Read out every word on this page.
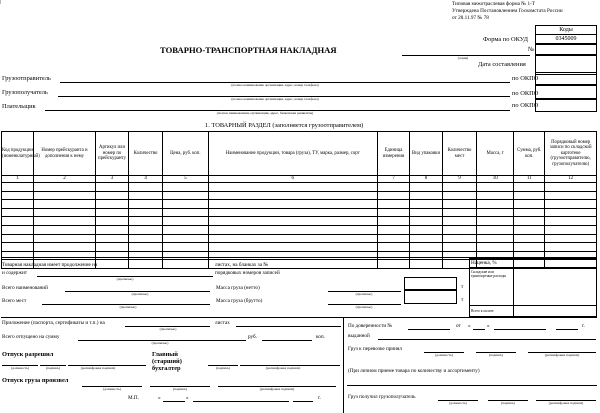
ǀ	Типовая межотраслевая форма № 1-Т
Утверждена Постановлением Госкомстата России
от 28.11.97 № 78
Коды
Форма по ОКУД	0345009
№
Дата составления
по ОКПО
по ОКПО
по ОКПО
ТОВАРНО-ТРАНСПОРТНАЯ НАКЛАДНАЯ
(серия)
Грузоотправитель
(полное наименование организации, адрес, номер телефона)
Грузополучатель
(полное наименование организации, адрес, номер телефона)
Плательщик
(полное наименование организации, адрес, банковские реквизиты)
1. ТОВАРНЫЙ РАЗДЕЛ (заполняется грузоотправителем)
Код продукции (номенклатурный)	Номер прейскуранта и дополнения к нему	Артикул или номер по прейскуранту	Количество	Цена, руб. коп.	Наименование продукции, товара (груза), ТУ, марка, размер, сорт	Единица измерения	Вид упаковки	Количество мест	Масса, т	Сумма, руб. коп.	Порядковый номер записи по складской картотеке (грузоотправителю, грузополучателю)
1	2	3	4	5	6	7	8	9	10	11	12

Товарная накладная имеет продолжение на	листах, на бланках за №
и содержит
(прописью)
порядковых номеров записей
Всего наименований
(прописью)
Масса груза (нетто)
(прописью)
т
Всего мест
(прописью)
Масса груза (брутто)
(прописью)
т
Наценка, %
Складские или транспортные расходы
Всего к оплате
Приложение (паспорта, сертификаты и т.п.) на
(прописью)
листах
Всего отпущено на сумму
(прописью)
руб.	коп.
Отпуск разрешил
(должность)	(подпись)	(расшифровка подписи)
Главный (старший) бухгалтер	(подпись)	(расшифровка подписи)
Отпуск груза произвел
(должность)	(подпись)	(расшифровка подписи)
М.П.	«	»	г.
По доверенности №	от «	»	г.
выданной
Груз к перевозке принял
(должность)	(подпись)	(расшифровка подписи)
(При личном приеме товара по количеству и ассортименту)
Груз получил грузополучатель
(должность)	(подпись)	(расшифровка подписи)
